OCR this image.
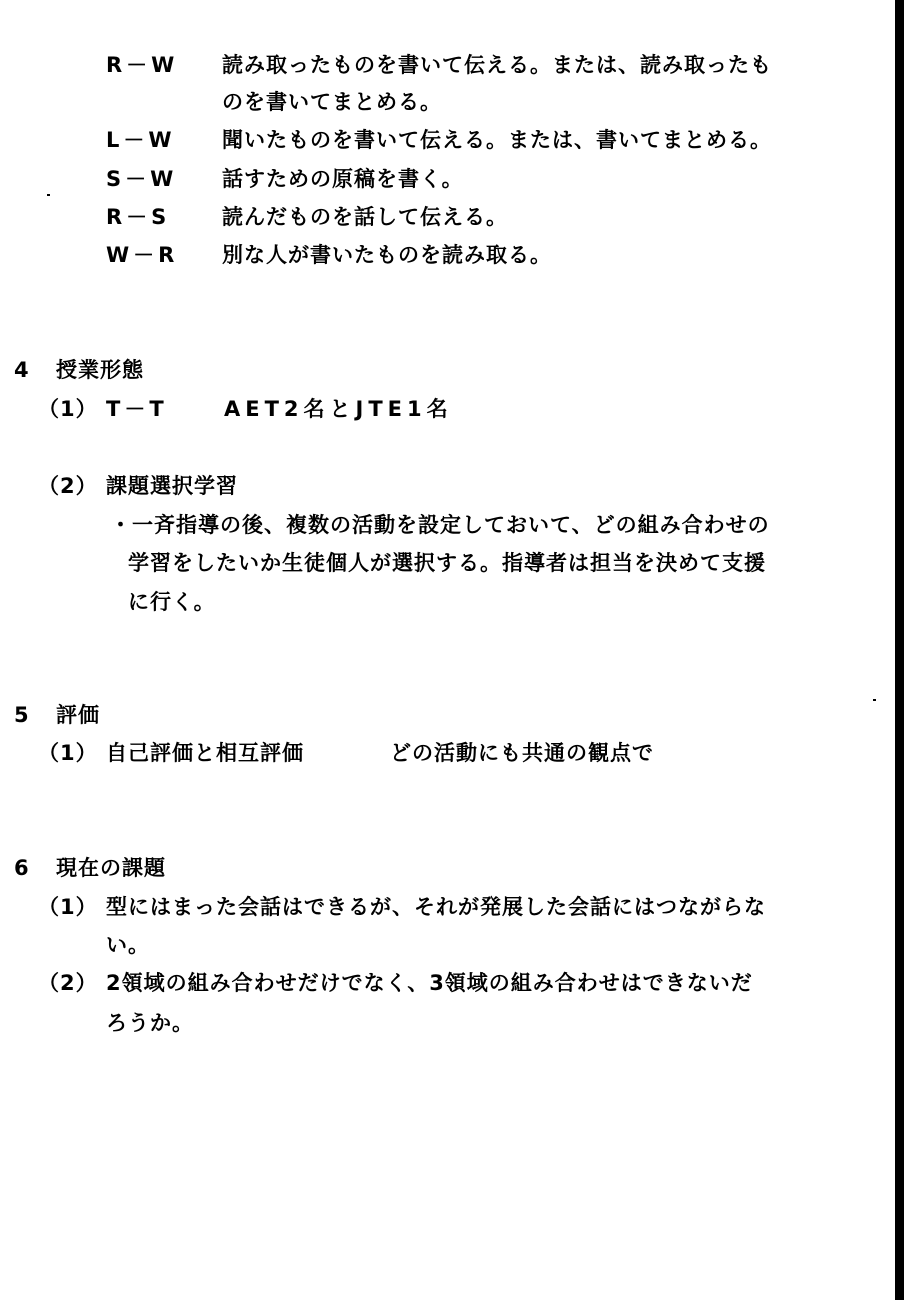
R－W 読み取ったものを書いて伝える。または、読み取ったも
のを書いてまとめる。
L－W 聞いたものを書いて伝える。または、書いてまとめる。
S－W 話すための原稿を書く。
R－S 読んだものを話して伝える。
W－R 別な人が書いたものを読み取る。
4 授業形態
（1） T－T	AET2名とJTE1名
（2） 課題選択学習
・一斉指導の後、複数の活動を設定しておいて、どの組み合わせの
学習をしたいか生徒個人が選択する。指導者は担当を決めて支援
に行く。
5 評価
（1） 自己評価と相互評価	どの活動にも共通の観点で
6 現在の課題
（1） 型にはまった会話はできるが、それが発展した会話にはつながらな
い。
（2） 2領域の組み合わせだけでなく、3領域の組み合わせはできないだ
ろうか。
